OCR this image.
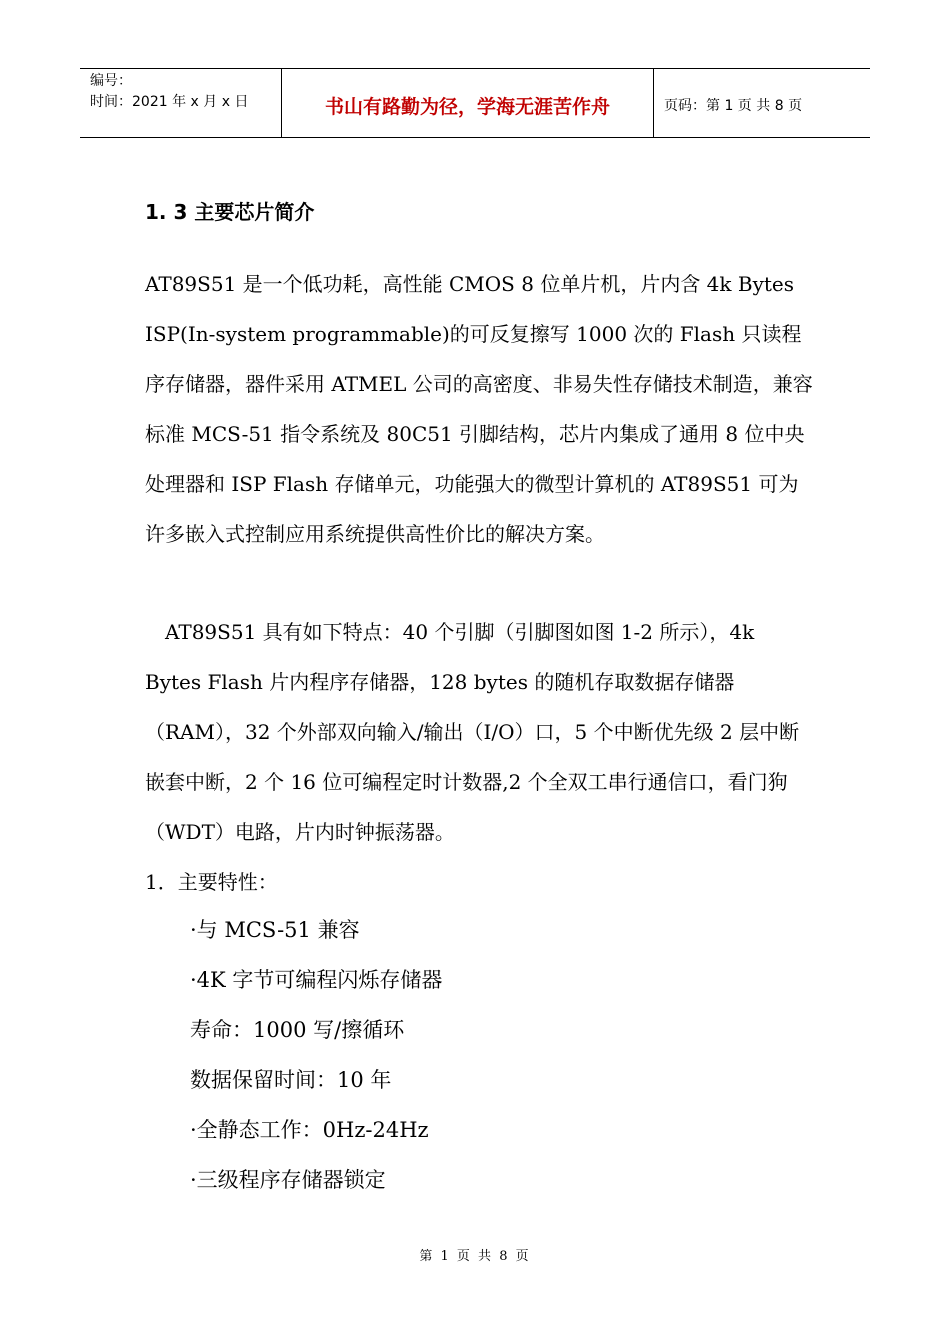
编号：
时间：2021 年 x 月 x 日	书山有路勤为径，学海无涯苦作舟	页码：第 1 页 共 8 页
1. 3 主要芯片简介
AT89S51 是一个低功耗，高性能 CMOS 8 位单片机，片内含 4k Bytes ISP(In-system programmable)的可反复擦写 1000 次的 Flash 只读程序存储器，器件采用 ATMEL 公司的高密度、非易失性存储技术制造，兼容标准 MCS-51 指令系统及 80C51 引脚结构，芯片内集成了通用 8 位中央处理器和 ISP Flash 存储单元，功能强大的微型计算机的 AT89S51 可为许多嵌入式控制应用系统提供高性价比的解决方案。
AT89S51 具有如下特点：40 个引脚（引脚图如图 1-2 所示），4k Bytes Flash 片内程序存储器，128 bytes 的随机存取数据存储器（RAM），32 个外部双向输入/输出（I/O）口，5 个中断优先级 2 层中断嵌套中断，2 个 16 位可编程定时计数器,2 个全双工串行通信口，看门狗（WDT）电路，片内时钟振荡器。
1．主要特性：
·与 MCS-51 兼容
·4K 字节可编程闪烁存储器
寿命：1000 写/擦循环
数据保留时间：10 年
·全静态工作：0Hz-24Hz
·三级程序存储器锁定
第 1 页 共 8 页
